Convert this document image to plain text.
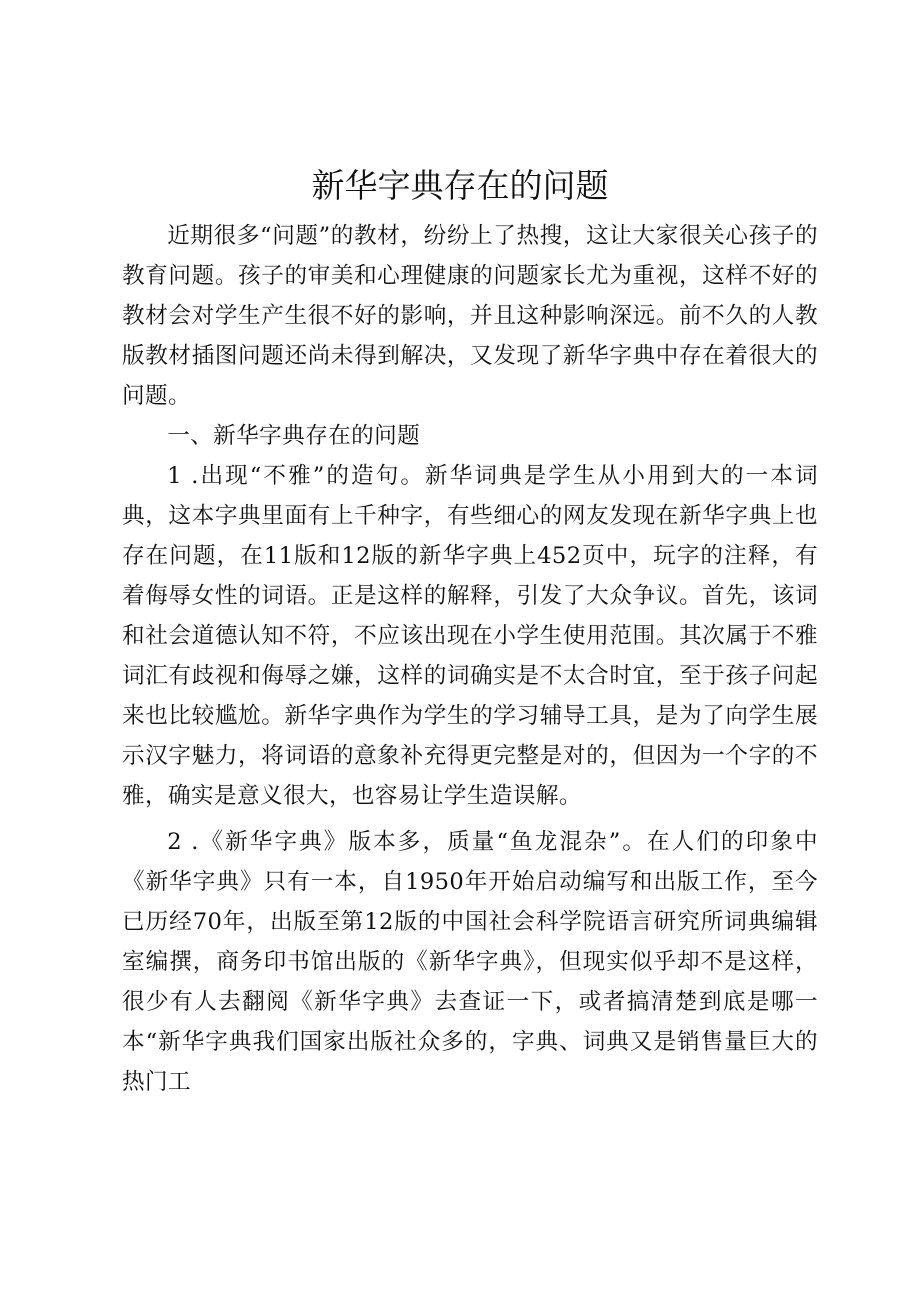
新华字典存在的问题

近期很多“问题”的教材，纷纷上了热搜，这让大家很关心孩子的教育问题。孩子的审美和心理健康的问题家长尤为重视，这样不好的教材会对学生产生很不好的影响，并且这种影响深远。前不久的人教版教材插图问题还尚未得到解决，又发现了新华字典中存在着很大的问题。

一、新华字典存在的问题

1 .出现“不雅”的造句。新华词典是学生从小用到大的一本词典，这本字典里面有上千种字，有些细心的网友发现在新华字典上也存在问题，在11版和12版的新华字典上452页中，玩字的注释，有着侮辱女性的词语。正是这样的解释，引发了大众争议。首先，该词和社会道德认知不符，不应该出现在小学生使用范围。其次属于不雅词汇有歧视和侮辱之嫌，这样的词确实是不太合时宜，至于孩子问起来也比较尴尬。新华字典作为学生的学习辅导工具，是为了向学生展示汉字魅力，将词语的意象补充得更完整是对的，但因为一个字的不雅，确实是意义很大，也容易让学生造误解。

2 .《新华字典》版本多，质量“鱼龙混杂”。在人们的印象中《新华字典》只有一本，自1950年开始启动编写和出版工作，至今已历经70年，出版至第12版的中国社会科学院语言研究所词典编辑室编撰，商务印书馆出版的《新华字典》，但现实似乎却不是这样，很少有人去翻阅《新华字典》去查证一下，或者搞清楚到底是哪一本“新华字典我们国家出版社众多的，字典、词典又是销售量巨大的热门工
